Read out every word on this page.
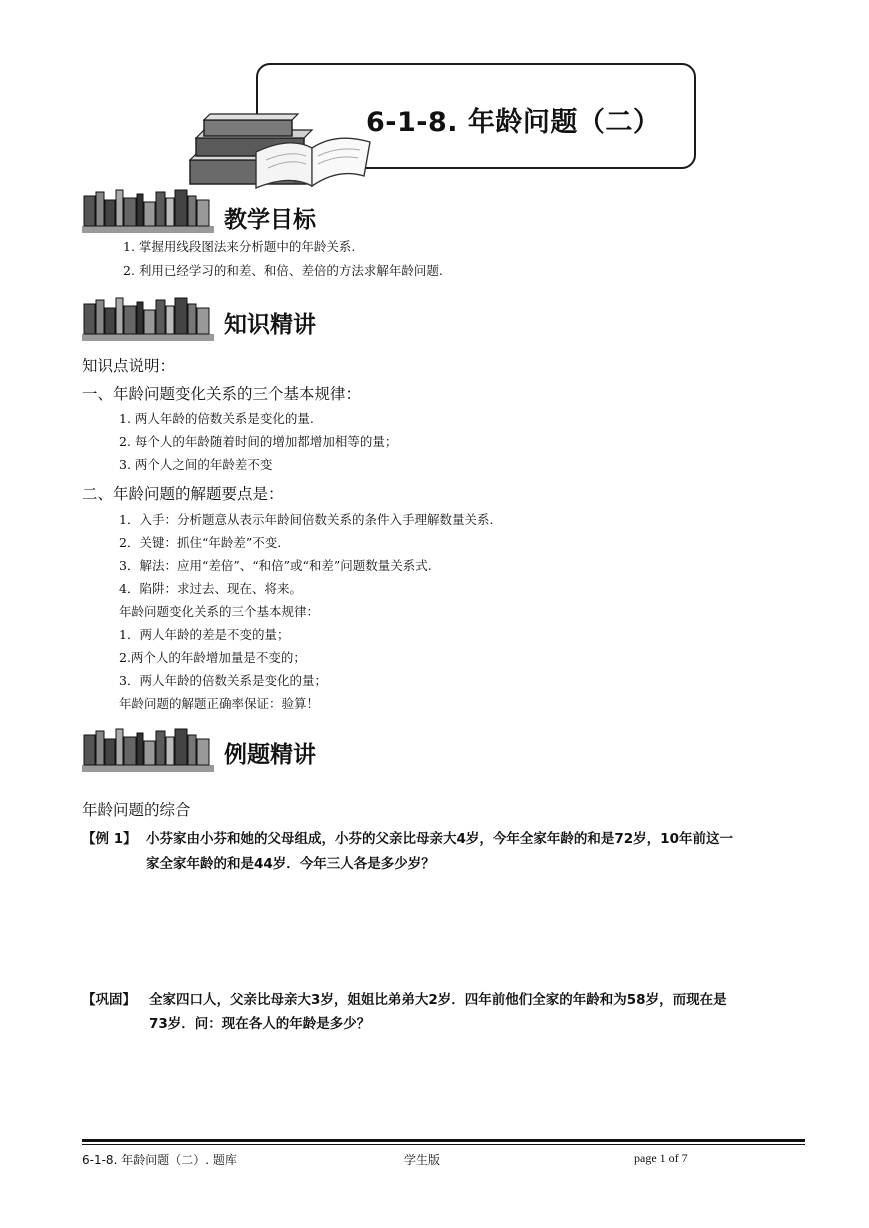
6-1-8. 年龄问题（二）
教学目标
1. 掌握用线段图法来分析题中的年龄关系.
2. 利用已经学习的和差、和倍、差倍的方法求解年龄问题.
知识精讲
知识点说明：
一、年龄问题变化关系的三个基本规律：
1. 两人年龄的倍数关系是变化的量.
2. 每个人的年龄随着时间的增加都增加相等的量；
3. 两个人之间的年龄差不变
二、年龄问题的解题要点是：
1．入手：分析题意从表示年龄间倍数关系的条件入手理解数量关系.
2．关键：抓住“年龄差”不变.
3．解法：应用“差倍”、“和倍”或“和差”问题数量关系式.
4．陷阱：求过去、现在、将来。
年龄问题变化关系的三个基本规律：
1．两人年龄的差是不变的量；
2.两个人的年龄增加量是不变的；
3．两人年龄的倍数关系是变化的量；
年龄问题的解题正确率保证：验算！
例题精讲
年龄问题的综合
【例 1】 小芬家由小芬和她的父母组成，小芬的父亲比母亲大4岁，今年全家年龄的和是72岁，10年前这一
家全家年龄的和是44岁．今年三人各是多少岁？
【巩固】 全家四口人，父亲比母亲大3岁，姐姐比弟弟大2岁．四年前他们全家的年龄和为58岁，而现在是
73岁．问：现在各人的年龄是多少？
6-1-8. 年龄问题（二）. 题库	学生版	page 1 of 7
